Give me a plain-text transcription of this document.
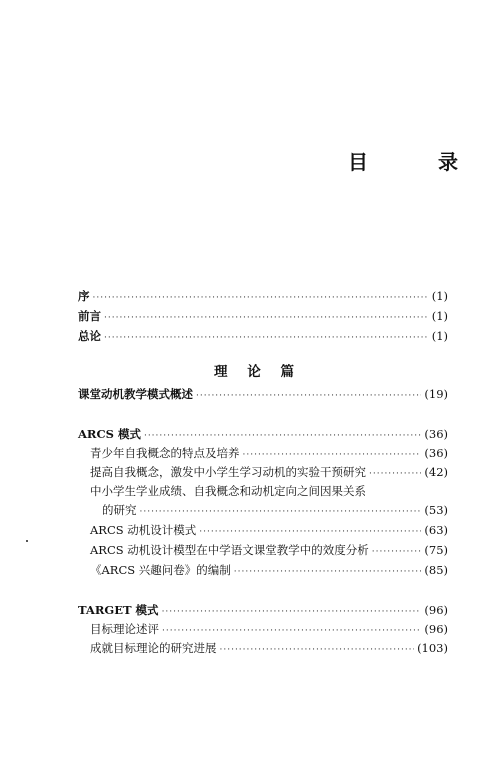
目	录
序 ·····	(1)
前言 ·····	(1)
总论 ·····	(1)
理 论 篇
课堂动机教学模式概述 ·····	(19)
ARCS 模式 ·····	(36)
青少年自我概念的特点及培养 ·····	(36)
提高自我概念，激发中小学生学习动机的实验干预研究 ·····	(42)
中小学生学业成绩、自我概念和动机定向之间因果关系
的研究 ·····	(53)
ARCS 动机设计模式 ·····	(63)
ARCS 动机设计模型在中学语文课堂教学中的效度分析 ·····	(75)
《ARCS 兴趣问卷》的编制 ·····	(85)
TARGET 模式 ·····	(96)
目标理论述评 ·····	(96)
成就目标理论的研究进展 ·····	(103)
